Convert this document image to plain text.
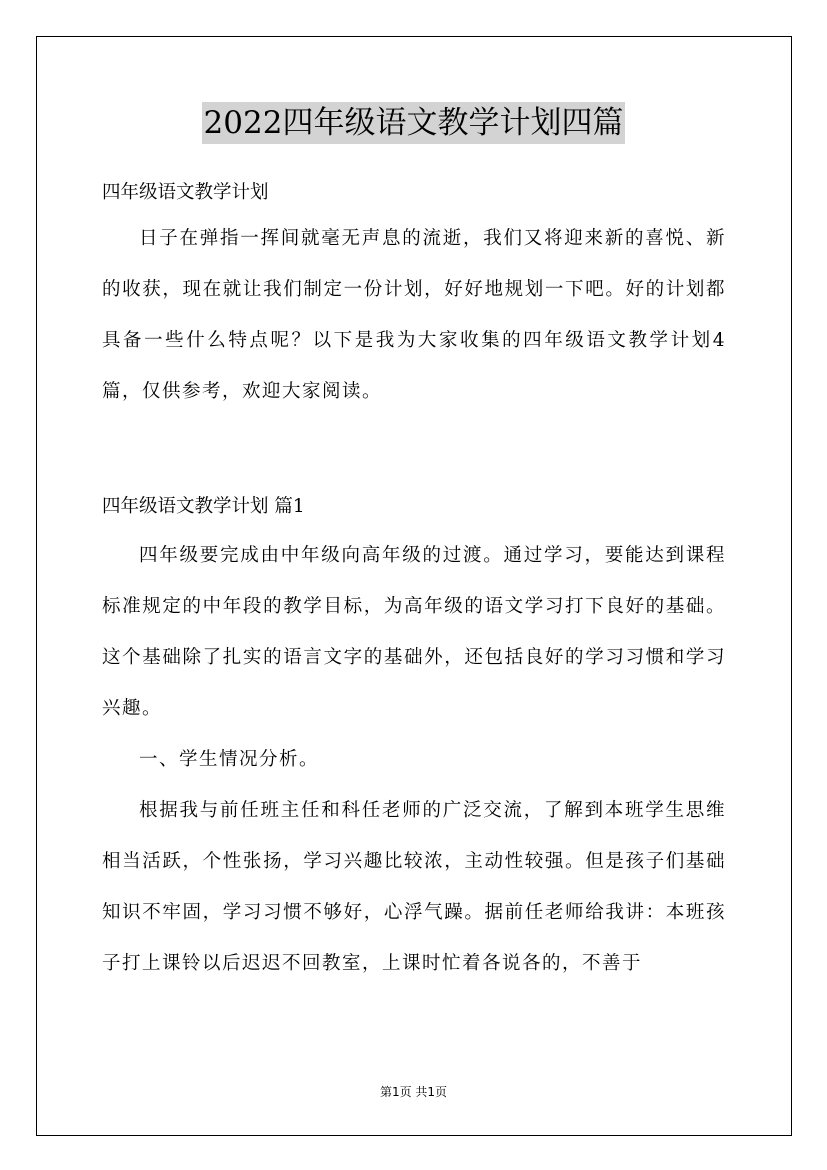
2022四年级语文教学计划四篇
四年级语文教学计划

日子在弹指一挥间就毫无声息的流逝，我们又将迎来新的喜悦、新的收获，现在就让我们制定一份计划，好好地规划一下吧。好的计划都具备一些什么特点呢？以下是我为大家收集的四年级语文教学计划4篇，仅供参考，欢迎大家阅读。

四年级语文教学计划 篇1

四年级要完成由中年级向高年级的过渡。通过学习，要能达到课程标准规定的中年段的教学目标，为高年级的语文学习打下良好的基础。这个基础除了扎实的语言文字的基础外，还包括良好的学习习惯和学习兴趣。

一、学生情况分析。

根据我与前任班主任和科任老师的广泛交流，了解到本班学生思维相当活跃，个性张扬，学习兴趣比较浓，主动性较强。但是孩子们基础知识不牢固，学习习惯不够好，心浮气躁。据前任老师给我讲：本班孩子打上课铃以后迟迟不回教室，上课时忙着各说各的，不善于

第1页 共1页
